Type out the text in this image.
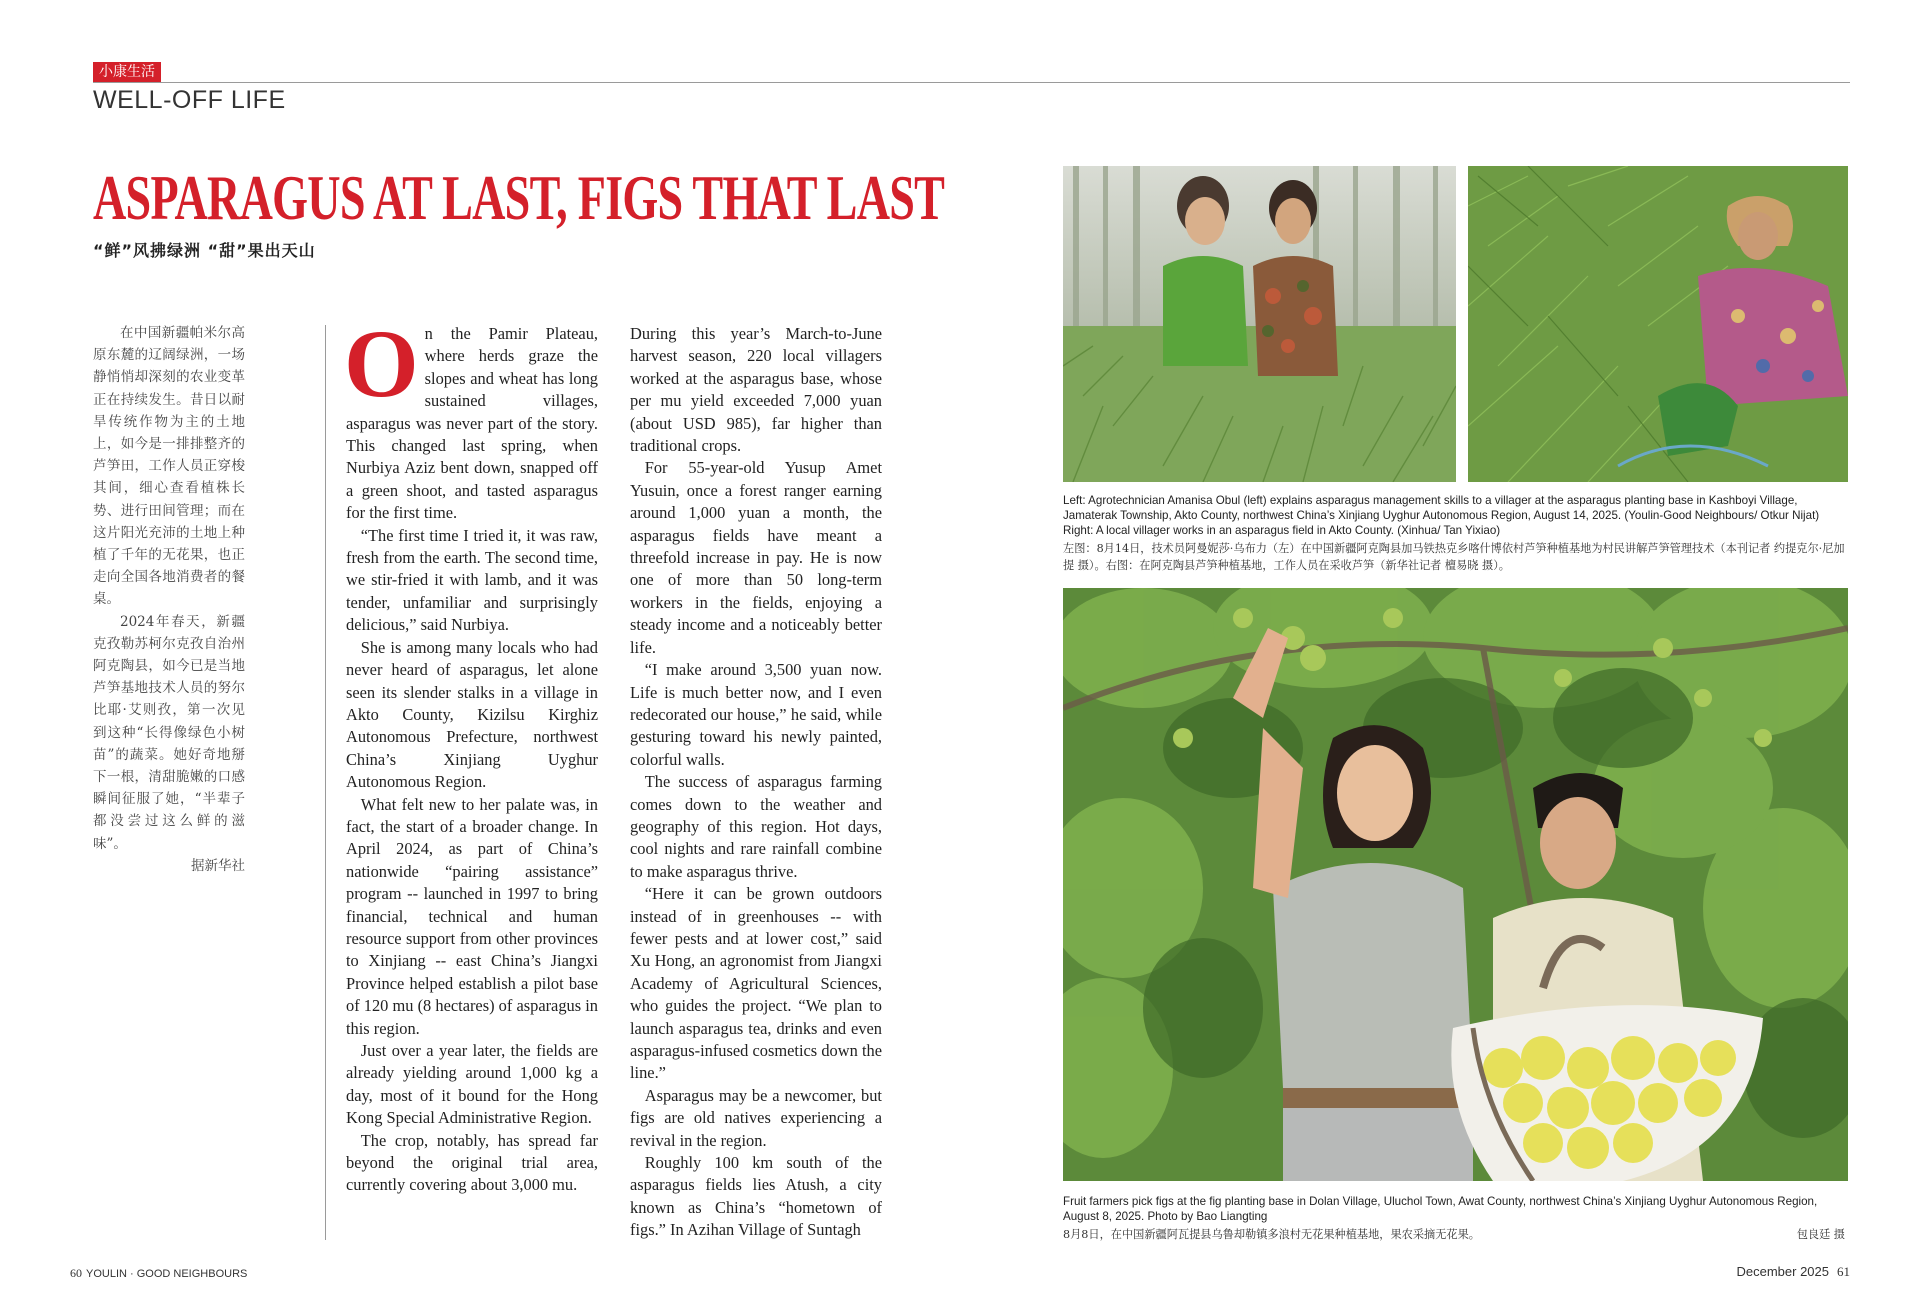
小康生活
WELL-OFF LIFE
ASPARAGUS AT LAST, FIGS THAT LAST
“鲜”风拂绿洲 “甜”果出天山

在中国新疆帕米尔高原东麓的辽阔绿洲，一场静悄悄却深刻的农业变革正在持续发生。昔日以耐旱传统作物为主的土地上，如今是一排排整齐的芦笋田，工作人员正穿梭其间，细心查看植株长势、进行田间管理；而在这片阳光充沛的土地上种植了千年的无花果，也正走向全国各地消费者的餐桌。

2024年春天，新疆克孜勒苏柯尔克孜自治州阿克陶县，如今已是当地芦笋基地技术人员的努尔比耶·艾则孜，第一次见到这种“长得像绿色小树苗”的蔬菜。她好奇地掰下一根，清甜脆嫩的口感瞬间征服了她，“半辈子都没尝过这么鲜的滋味”。

据新华社

On the Pamir Plateau, where herds graze the slopes and wheat has long sustained villages, asparagus was never part of the story. This changed last spring, when Nurbiya Aziz bent down, snapped off a green shoot, and tasted asparagus for the first time.

“The first time I tried it, it was raw, fresh from the earth. The second time, we stir-fried it with lamb, and it was tender, unfamiliar and surprisingly delicious,” said Nurbiya.

She is among many locals who had never heard of asparagus, let alone seen its slender stalks in a village in Akto County, Kizilsu Kirghiz Autonomous Prefecture, northwest China’s Xinjiang Uyghur Autonomous Region.

What felt new to her palate was, in fact, the start of a broader change. In April 2024, as part of China’s nationwide “pairing assistance” program -- launched in 1997 to bring financial, technical and human resource support from other provinces to Xinjiang -- east China’s Jiangxi Province helped establish a pilot base of 120 mu (8 hectares) of asparagus in this region.

Just over a year later, the fields are already yielding around 1,000 kg a day, most of it bound for the Hong Kong Special Administrative Region.

The crop, notably, has spread far beyond the original trial area, currently covering about 3,000 mu.

During this year’s March-to-June harvest season, 220 local villagers worked at the asparagus base, whose per mu yield exceeded 7,000 yuan (about USD 985), far higher than traditional crops.

For 55-year-old Yusup Amet Yusuin, once a forest ranger earning around 1,000 yuan a month, the asparagus fields have meant a threefold increase in pay. He is now one of more than 50 long-term workers in the fields, enjoying a steady income and a noticeably better life.

“I make around 3,500 yuan now. Life is much better now, and I even redecorated our house,” he said, while gesturing toward his newly painted, colorful walls.

The success of asparagus farming comes down to the weather and geography of this region. Hot days, cool nights and rare rainfall combine to make asparagus thrive.

“Here it can be grown outdoors instead of in greenhouses -- with fewer pests and at lower cost,” said Xu Hong, an agronomist from Jiangxi Academy of Agricultural Sciences, who guides the project. “We plan to launch asparagus tea, drinks and even asparagus-infused cosmetics down the line.”

Asparagus may be a newcomer, but figs are old natives experiencing a revival in the region.

Roughly 100 km south of the asparagus fields lies Atush, a city known as China’s “hometown of figs.” In Azihan Village of Suntagh

Left: Agrotechnician Amanisa Obul (left) explains asparagus management skills to a villager at the asparagus planting base in Kashboyi Village, Jamaterak Township, Akto County, northwest China’s Xinjiang Uyghur Autonomous Region, August 14, 2025. (Youlin-Good Neighbours/ Otkur Nijat) Right: A local villager works in an asparagus field in Akto County. (Xinhua/ Tan Yixiao)
左图：8月14日，技术员阿曼妮莎·乌布力（左）在中国新疆阿克陶县加马铁热克乡喀什博依村芦笋种植基地为村民讲解芦笋管理技术（本刊记者 约提克尔·尼加提 摄）。右图：在阿克陶县芦笋种植基地，工作人员在采收芦笋（新华社记者 檀易晓 摄）。
Fruit farmers pick figs at the fig planting base in Dolan Village, Uluchol Town, Awat County, northwest China’s Xinjiang Uyghur Autonomous Region, August 8, 2025. Photo by Bao Liangting
8月8日，在中国新疆阿瓦提县乌鲁却勒镇多浪村无花果种植基地，果农采摘无花果。	包良廷 摄
60 YOULIN · GOOD NEIGHBOURS	December 2025 61
